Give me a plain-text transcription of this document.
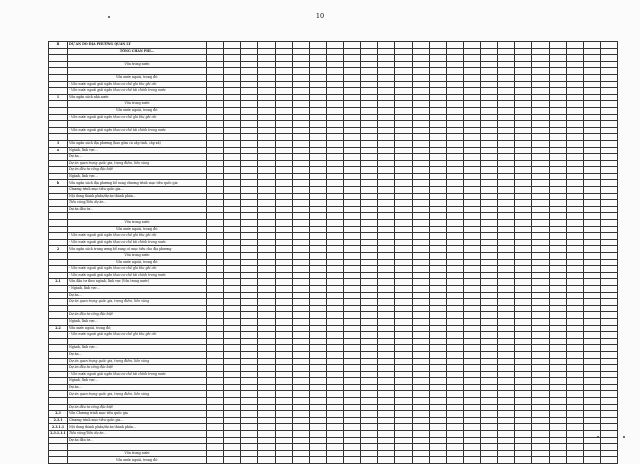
10
B	DỰ ÁN DO ĐỊA PHƯƠNG QUẢN LÝ																								
	TỔNG CHÂN PHÍ...																								

	Vốn trong nước																								

	Vốn nước ngoài, trong đó:																								
	- Vốn nước ngoài giải ngân theo cơ chế ghi thu ghi chi																								
	- Vốn nước ngoài giải ngân theo cơ chế tài chính trong nước																								
1	Vốn ngân sách nhà nước																								
	Vốn trong nước																								
	Vốn nước ngoài, trong đó:																								
	- Vốn nước ngoài giải ngân theo cơ chế ghi thu ghi chi																								

	- Vốn nước ngoài giải ngân theo cơ chế tài chính trong nước																								

3	Vốn ngân sách địa phương (bao gồm cả cấp tỉnh, cấp xã)																								
a	Ngành, lĩnh vực...																								
	Dự án...																								
	Dự án quan trọng quốc gia, trọng điểm, liên vùng																								
	Dự án đầu tư công đặc biệt																								
	Ngành, lĩnh vực...																								
b	Vốn ngân sách địa phương bổ sung chương trình mục tiêu quốc gia																								
	Chương trình mục tiêu quốc gia...																								
	Nội dung thành phần/dự án thành phần...																								
	Tiểu vùng/Tiểu dự án...																								
	Dự án đầu tư...																								

	Vốn trong nước																								
	Vốn nước ngoài, trong đó:																								
	- Vốn nước ngoài giải ngân theo cơ chế ghi thu ghi chi																								
	- Vốn nước ngoài giải ngân theo cơ chế tài chính trong nước																								
2	Vốn ngân sách trung ương bổ sung có mục tiêu cho địa phương																								
	Vốn trong nước																								
	Vốn nước ngoài, trong đó:																								
	- Vốn nước ngoài giải ngân theo cơ chế ghi thu ghi chi																								
	- Vốn nước ngoài giải ngân theo cơ chế tài chính trong nước																								
2.1	Vốn đầu tư theo ngành, lĩnh vực (Vốn trong nước)																								
	- Ngành, lĩnh vực...																								
	Dự án...																								
	Dự án quan trọng quốc gia, trọng điểm, liên vùng																								

	Dự án đầu tư công đặc biệt																								
	Ngành, lĩnh vực...																								
2.2	Vốn nước ngoài, trong đó:																								
	- Vốn nước ngoài giải ngân theo cơ chế ghi thu ghi chi																								

	Ngành, lĩnh vực...																								
	Dự án...																								
	Dự án quan trọng quốc gia, trọng điểm, liên vùng																								
	Dự án đầu tư công đặc biệt																								
	- Vốn nước ngoài giải ngân theo cơ chế tài chính trong nước																								
	Ngành, lĩnh vực...																								
	Dự án...																								
	Dự án quan trọng quốc gia, trọng điểm, liên vùng																								

	Dự án đầu tư công đặc biệt																								
2.3	Vốn Chương trình mục tiêu quốc gia																								
2.3.1	Chương trình mục tiêu quốc gia...																								
2.3.1.1	Nội dung thành phần/dự án thành phần...																								
2.3.1.1.1	Tiểu vùng/Tiểu dự án...																								
	Dự án đầu tư...																								

	Vốn trong nước																								
	Vốn nước ngoài, trong đó:																								
